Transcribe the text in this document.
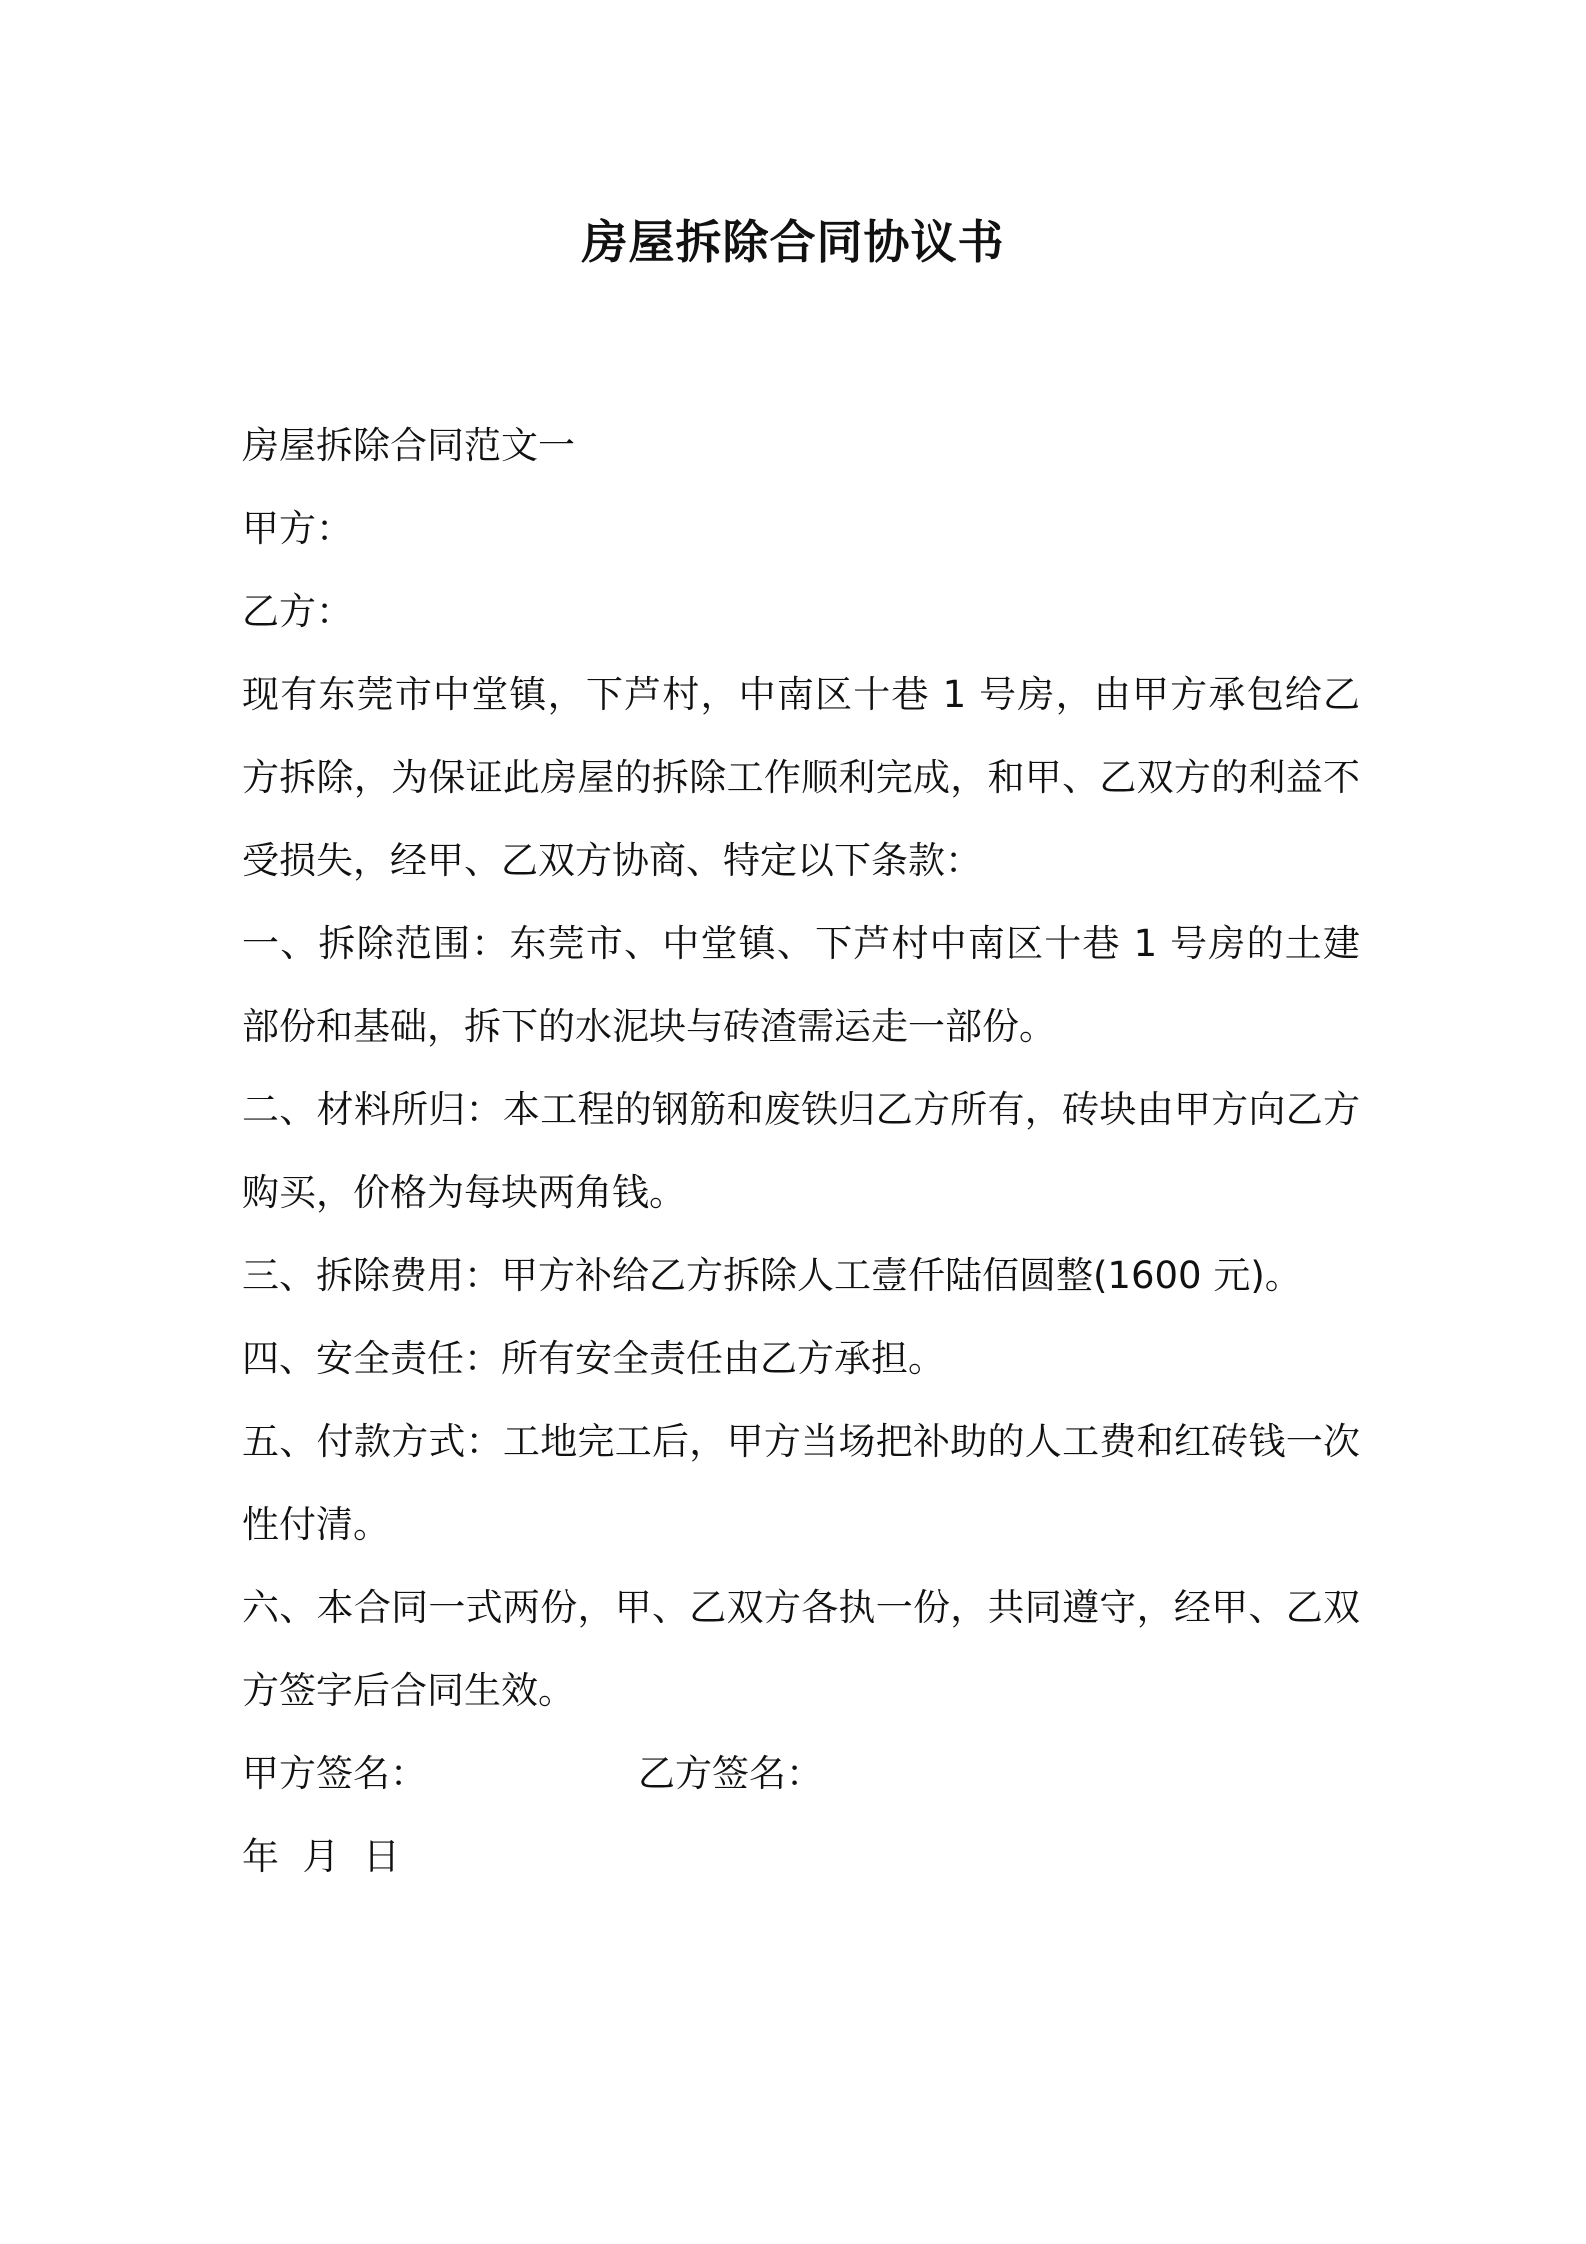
房屋拆除合同协议书

房屋拆除合同范文一

甲方：

乙方：

现有东莞市中堂镇，下芦村，中南区十巷 1 号房，由甲方承包给乙方拆除，为保证此房屋的拆除工作顺利完成，和甲、乙双方的利益不受损失，经甲、乙双方协商、特定以下条款：

一、拆除范围：东莞市、中堂镇、下芦村中南区十巷 1 号房的土建部份和基础，拆下的水泥块与砖渣需运走一部份。

二、材料所归：本工程的钢筋和废铁归乙方所有，砖块由甲方向乙方购买，价格为每块两角钱。

三、拆除费用：甲方补给乙方拆除人工壹仟陆佰圆整(1600 元)。

四、安全责任：所有安全责任由乙方承担。

五、付款方式：工地完工后，甲方当场把补助的人工费和红砖钱一次性付清。

六、本合同一式两份，甲、乙双方各执一份，共同遵守，经甲、乙双方签字后合同生效。

甲方签名：	乙方签名：

年  月  日
